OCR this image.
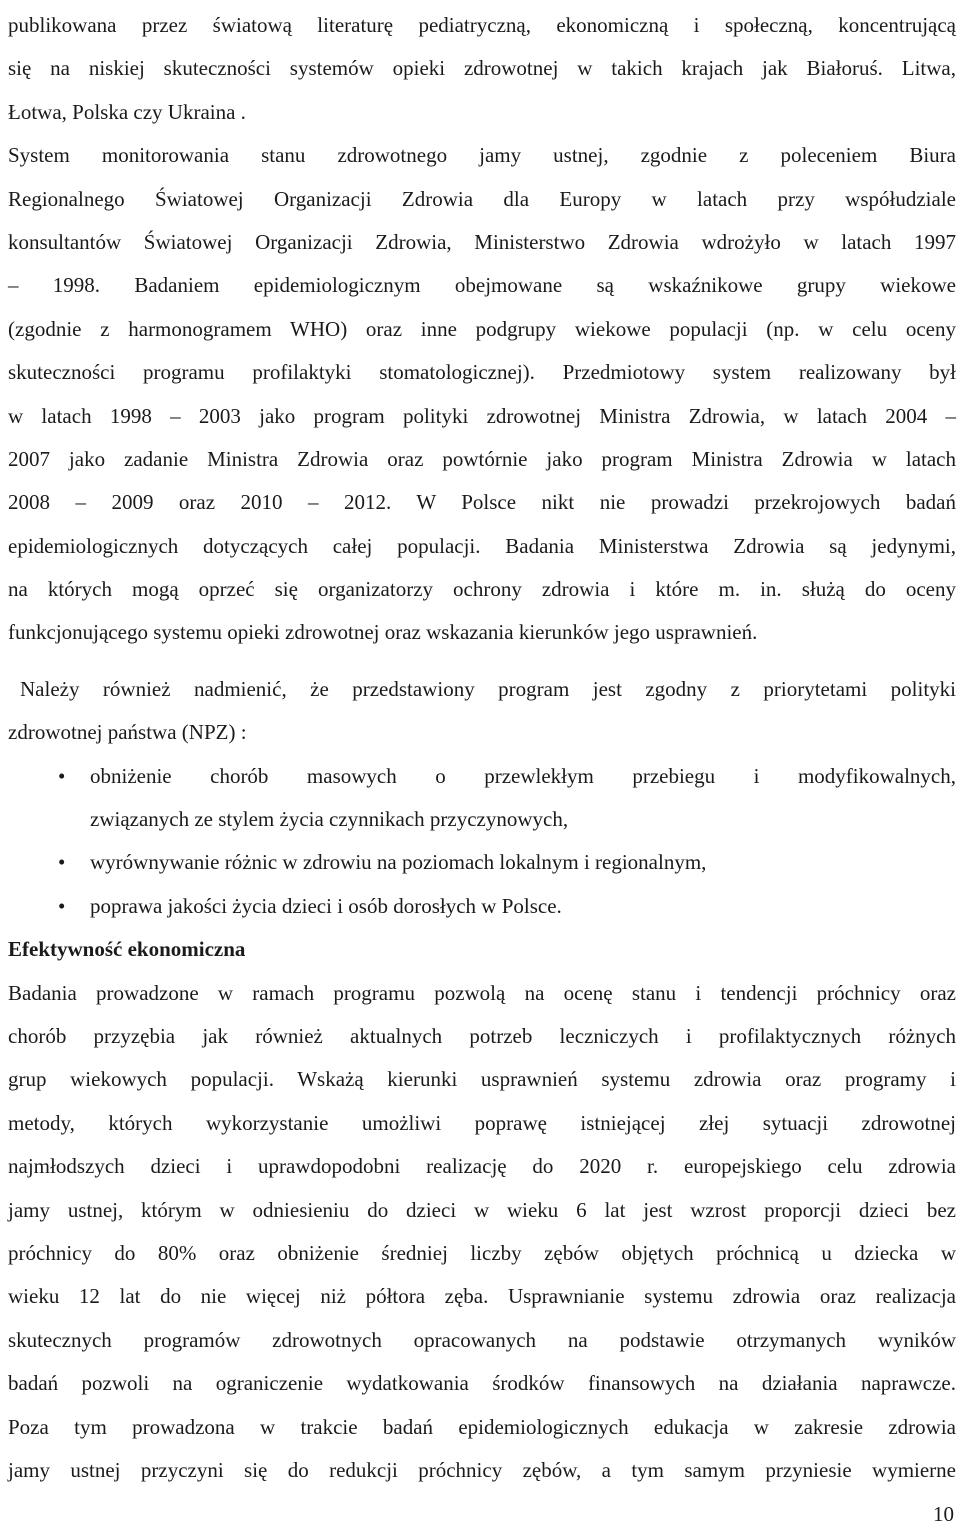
publikowana przez światową literaturę pediatryczną, ekonomiczną i społeczną, koncentrującą
się na niskiej skuteczności systemów opieki zdrowotnej w takich krajach jak Białoruś. Litwa,
Łotwa, Polska czy Ukraina .
System monitorowania stanu zdrowotnego jamy ustnej, zgodnie z poleceniem Biura
Regionalnego Światowej Organizacji Zdrowia dla Europy w latach przy współudziale
konsultantów Światowej Organizacji Zdrowia, Ministerstwo Zdrowia wdrożyło w latach 1997
– 1998. Badaniem epidemiologicznym obejmowane są wskaźnikowe grupy wiekowe
(zgodnie z harmonogramem WHO) oraz inne podgrupy wiekowe populacji (np. w celu oceny
skuteczności programu profilaktyki stomatologicznej). Przedmiotowy system realizowany był
w latach 1998 – 2003 jako program polityki zdrowotnej Ministra Zdrowia, w latach 2004 –
2007 jako zadanie Ministra Zdrowia oraz powtórnie jako program Ministra Zdrowia w latach
2008 – 2009 oraz 2010 – 2012. W Polsce nikt nie prowadzi przekrojowych badań
epidemiologicznych dotyczących całej populacji. Badania Ministerstwa Zdrowia są jedynymi,
na których mogą oprzeć się organizatorzy ochrony zdrowia i które m. in. służą do oceny
funkcjonującego systemu opieki zdrowotnej oraz wskazania kierunków jego usprawnień.
Należy również nadmienić, że przedstawiony program jest zgodny z priorytetami polityki
zdrowotnej państwa (NPZ) :
• obniżenie chorób masowych o przewlekłym przebiegu i modyfikowalnych,
związanych ze stylem życia czynnikach przyczynowych,
• wyrównywanie różnic w zdrowiu na poziomach lokalnym i regionalnym,
• poprawa jakości życia dzieci i osób dorosłych w Polsce.
Efektywność ekonomiczna
Badania prowadzone w ramach programu pozwolą na ocenę stanu i tendencji próchnicy oraz
chorób przyzębia jak również aktualnych potrzeb leczniczych i profilaktycznych różnych
grup wiekowych populacji. Wskażą kierunki usprawnień systemu zdrowia oraz programy i
metody, których wykorzystanie umożliwi poprawę istniejącej złej sytuacji zdrowotnej
najmłodszych dzieci i uprawdopodobni realizację do 2020 r. europejskiego celu zdrowia
jamy ustnej, którym w odniesieniu do dzieci w wieku 6 lat jest wzrost proporcji dzieci bez
próchnicy do 80% oraz obniżenie średniej liczby zębów objętych próchnicą u dziecka w
wieku 12 lat do nie więcej niż półtora zęba. Usprawnianie systemu zdrowia oraz realizacja
skutecznych programów zdrowotnych opracowanych na podstawie otrzymanych wyników
badań pozwoli na ograniczenie wydatkowania środków finansowych na działania naprawcze.
Poza tym prowadzona w trakcie badań epidemiologicznych edukacja w zakresie zdrowia
jamy ustnej przyczyni się do redukcji próchnicy zębów, a tym samym przyniesie wymierne
10
